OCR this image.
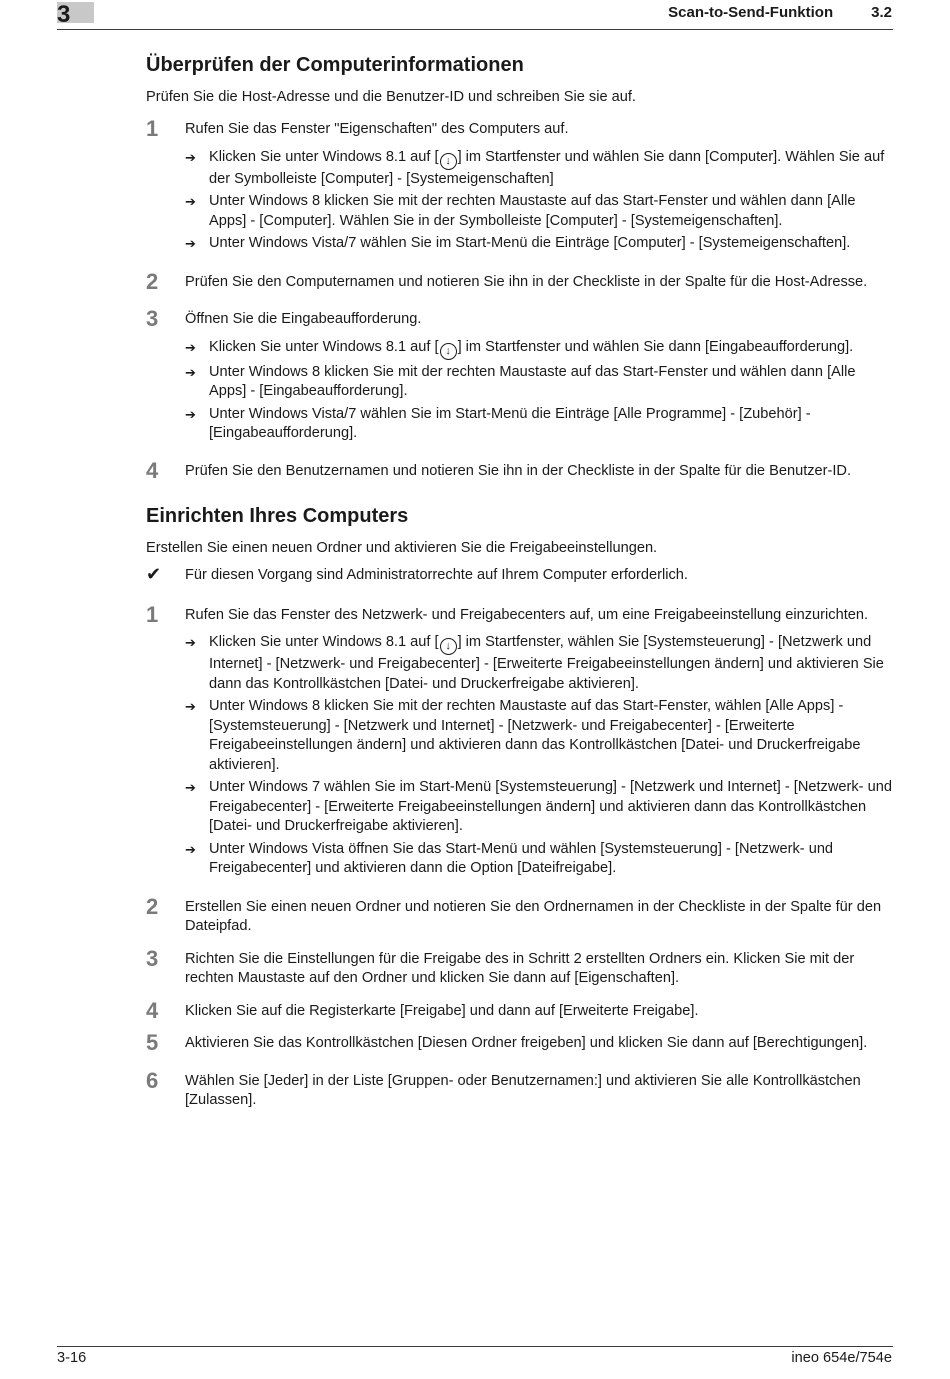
3	Scan-to-Send-Funktion	3.2
Überprüfen der Computerinformationen

Prüfen Sie die Host-Adresse und die Benutzer-ID und schreiben Sie sie auf.

1 Rufen Sie das Fenster "Eigenschaften" des Computers auf.

➔ Klicken Sie unter Windows 8.1 auf [ ↓ ] im Startfenster und wählen Sie dann [Computer]. Wählen Sie auf der Symbolleiste [Computer] - [Systemeigenschaften]
➔ Unter Windows 8 klicken Sie mit der rechten Maustaste auf das Start-Fenster und wählen dann [Alle Apps] - [Computer]. Wählen Sie in der Symbolleiste [Computer] - [Systemeigenschaften].
➔ Unter Windows Vista/7 wählen Sie im Start-Menü die Einträge [Computer] - [Systemeigenschaften].
2 Prüfen Sie den Computernamen und notieren Sie ihn in der Checkliste in der Spalte für die Host-Adresse.

3 Öffnen Sie die Eingabeaufforderung.

➔ Klicken Sie unter Windows 8.1 auf [ ↓ ] im Startfenster und wählen Sie dann [Eingabeaufforderung].
➔ Unter Windows 8 klicken Sie mit der rechten Maustaste auf das Start-Fenster und wählen dann [Alle Apps] - [Eingabeaufforderung].
➔ Unter Windows Vista/7 wählen Sie im Start-Menü die Einträge [Alle Programme] - [Zubehör] - [Eingabeaufforderung].
4 Prüfen Sie den Benutzernamen und notieren Sie ihn in der Checkliste in der Spalte für die Benutzer-ID.

Einrichten Ihres Computers

Erstellen Sie einen neuen Ordner und aktivieren Sie die Freigabeeinstellungen.

✔ Für diesen Vorgang sind Administratorrechte auf Ihrem Computer erforderlich.
1 Rufen Sie das Fenster des Netzwerk- und Freigabecenters auf, um eine Freigabeeinstellung einzurichten.

➔ Klicken Sie unter Windows 8.1 auf [ ↓ ] im Startfenster, wählen Sie [Systemsteuerung] - [Netzwerk und Internet] - [Netzwerk- und Freigabecenter] - [Erweiterte Freigabeeinstellungen ändern] und aktivieren Sie dann das Kontrollkästchen [Datei- und Druckerfreigabe aktivieren].
➔ Unter Windows 8 klicken Sie mit der rechten Maustaste auf das Start-Fenster, wählen [Alle Apps] - [Systemsteuerung] - [Netzwerk und Internet] - [Netzwerk- und Freigabecenter] - [Erweiterte Freigabeeinstellungen ändern] und aktivieren dann das Kontrollkästchen [Datei- und Druckerfreigabe aktivieren].
➔ Unter Windows 7 wählen Sie im Start-Menü [Systemsteuerung] - [Netzwerk und Internet] - [Netzwerk- und Freigabecenter] - [Erweiterte Freigabeeinstellungen ändern] und aktivieren dann das Kontrollkästchen [Datei- und Druckerfreigabe aktivieren].
➔ Unter Windows Vista öffnen Sie das Start-Menü und wählen [Systemsteuerung] - [Netzwerk- und Freigabecenter] und aktivieren dann die Option [Dateifreigabe].
2 Erstellen Sie einen neuen Ordner und notieren Sie den Ordnernamen in der Checkliste in der Spalte für den Dateipfad.

3 Richten Sie die Einstellungen für die Freigabe des in Schritt 2 erstellten Ordners ein. Klicken Sie mit der rechten Maustaste auf den Ordner und klicken Sie dann auf [Eigenschaften].

4 Klicken Sie auf die Registerkarte [Freigabe] und dann auf [Erweiterte Freigabe].

5 Aktivieren Sie das Kontrollkästchen [Diesen Ordner freigeben] und klicken Sie dann auf [Berechtigungen].

6 Wählen Sie [Jeder] in der Liste [Gruppen- oder Benutzernamen:] und aktivieren Sie alle Kontrollkästchen [Zulassen].

3-16	ineo 654e/754e
